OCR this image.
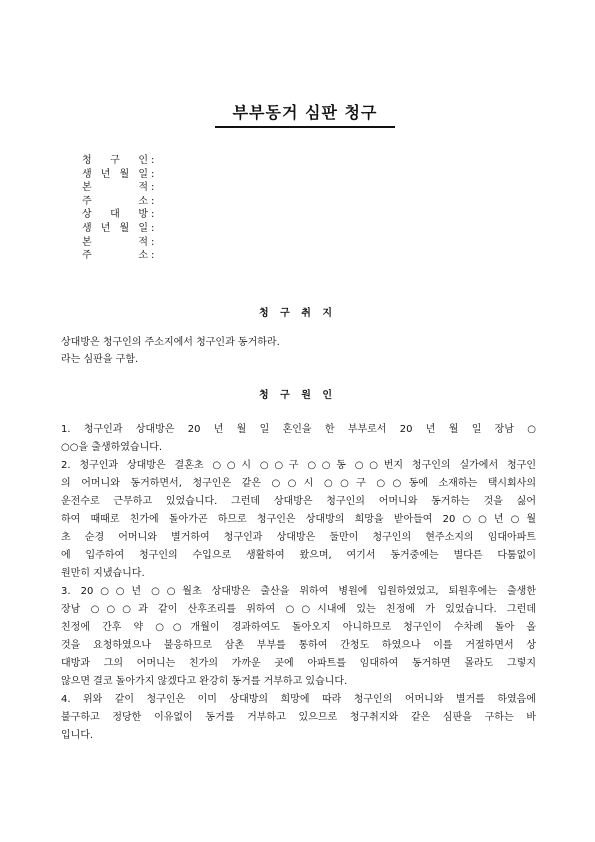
부부동거 심판 청구
청 구 인 :
생 년 월 일 :
본 적 :
주 소 :
상 대 방 :
생 년 월 일 :
본 적 :
주 소 :
청 구 취 지
상대방은 청구인의 주소지에서 청구인과 동거하라.
라는 심판을 구함.
청 구 원 인
1. 청구인과 상대방은 20 년 월 일 혼인을 한 부부로서 20 년 월 일 장남 ○
○○을 출생하였습니다.
2. 청구인과 상대방은 결혼초 ○○시 ○○구 ○○동 ○○번지 청구인의 실가에서 청구인
의 어머니와 동거하면서, 청구인은 같은 ○○시 ○○구 ○○동에 소재하는 택시회사의
운전수로 근무하고 있었습니다. 그런데 상대방은 청구인의 어머니와 동거하는 것을 싫어
하여 때때로 친가에 돌아가곤 하므로 청구인은 상대방의 희망을 받아들여 20○○년○월
초 순경 어머니와 별거하여 청구인과 상대방은 둘만이 청구인의 현주소지의 임대아파트
에 입주하여 청구인의 수입으로 생활하여 왔으며, 여기서 동거중에는 별다른 다툼없이
원만히 지냈습니다.
3. 20○○년 ○○월초 상대방은 출산을 위하여 병원에 입원하였었고, 퇴원후에는 출생한
장남 ○○○과 같이 산후조리를 위하여 ○○시내에 있는 친정에 가 있었습니다. 그런데
친정에 간후 약 ○○개월이 경과하여도 돌아오지 아니하므로 청구인이 수차례 돌아 올
것을 요청하였으나 불응하므로 삼촌 부부를 통하여 간청도 하였으나 이를 거절하면서 상
대방과 그의 어머니는 친가의 가까운 곳에 아파트를 임대하여 동거하면 몰라도 그렇지
않으면 결코 돌아가지 않겠다고 완강히 동거를 거부하고 있습니다.
4. 위와 같이 청구인은 이미 상대방의 희망에 따라 청구인의 어머니와 별거를 하였음에
불구하고 정당한 이유없이 동거를 거부하고 있으므로 청구취지와 같은 심판을 구하는 바
입니다.
